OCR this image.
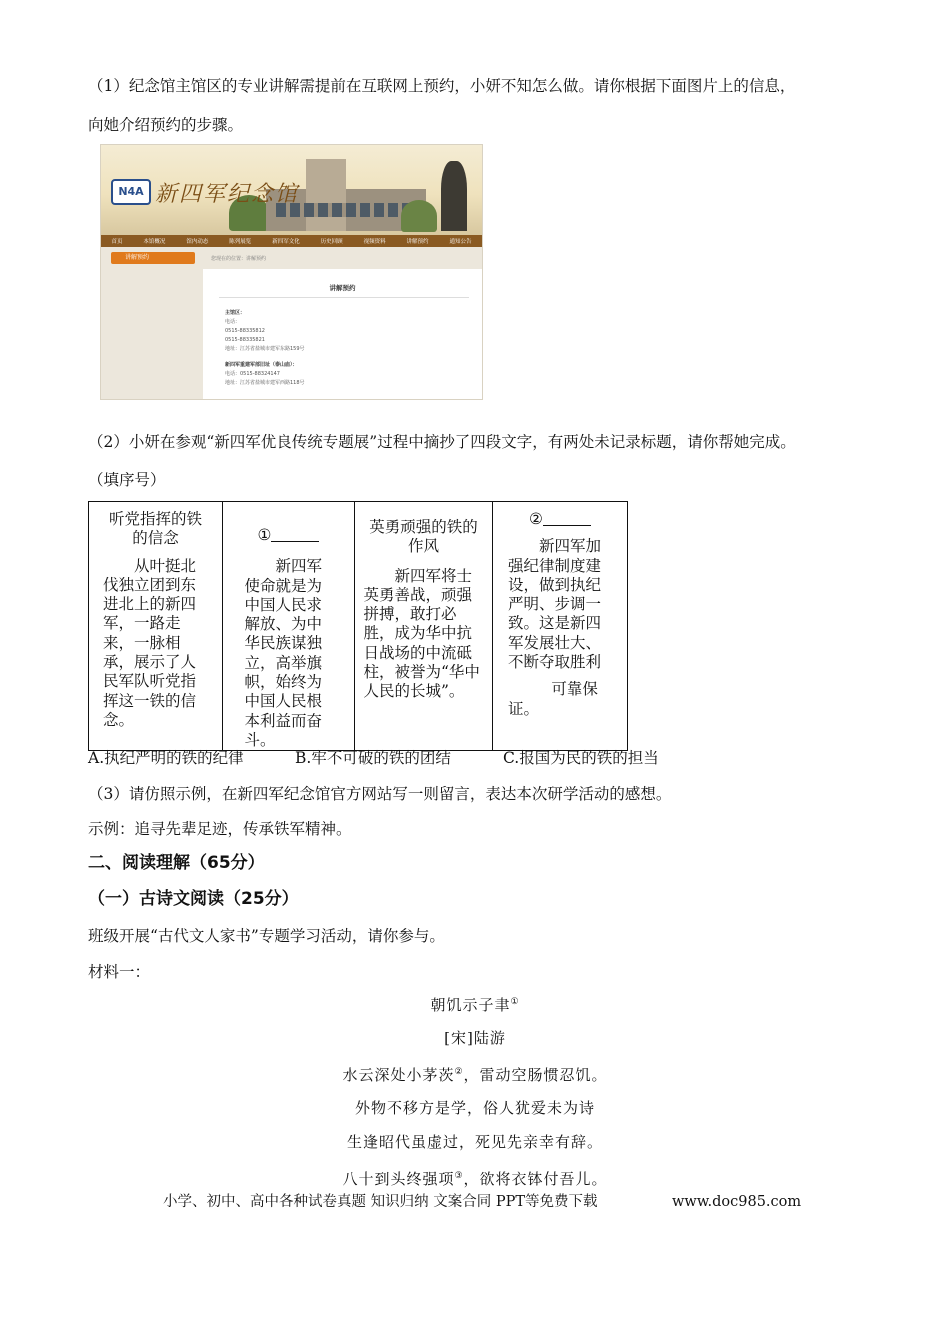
（1）纪念馆主馆区的专业讲解需提前在互联网上预约，小妍不知怎么做。请你根据下面图片上的信息，
向她介绍预约的步骤。
N4A 新四军纪念馆
首页	本馆概况	馆内动态	陈列展览	新四军文化	历史回顾	视频资料	讲解预约	通知公告
讲解预约	您现在的位置：讲解预约
讲解预约
主馆区：
电话：
0515-88335812
0515-88335821
地址：江苏省盐城市建军东路159号
新四军重建军部旧址（泰山庙）：
电话：0515-88324147
地址：江苏省盐城市建军西路118号
（2）小妍在参观“新四军优良传统专题展”过程中摘抄了四段文字，有两处未记录标题，请你帮她完成。
（填序号）
听党指挥的铁的信念
从叶挺北伐独立团到东进北上的新四军，一路走来，一脉相承，展示了人民军队听党指挥这一铁的信念。

①
新四军使命就是为中国人民求解放、为中华民族谋独立，高举旗帜，始终为中国人民根本利益而奋斗。

英勇顽强的铁的作风
新四军将士英勇善战，顽强拼搏，敢打必胜，成为华中抗日战场的中流砥柱，被誉为“华中人民的长城”。

②
新四军加强纪律制度建设，做到执纪严明、步调一致。这是新四军发展壮大、不断夺取胜利
可靠保证。
A.执纪严明的铁的纪律	B.牢不可破的铁的团结	C.报国为民的铁的担当
（3）请仿照示例，在新四军纪念馆官方网站写一则留言，表达本次研学活动的感想。
示例：追寻先辈足迹，传承铁军精神。
二、阅读理解（65分）
（一）古诗文阅读（25分）
班级开展“古代文人家书”专题学习活动，请你参与。
材料一：
朝饥示子聿①
[宋]陆游
水云深处小茅茨②，雷动空肠惯忍饥。
外物不移方是学，俗人犹爱未为诗
生逢昭代虽虚过，死见先亲幸有辞。
八十到头终强项③，欲将衣钵付吾儿。
小学、初中、高中各种试卷真题 知识归纳 文案合同 PPT等免费下载	www.doc985.com
